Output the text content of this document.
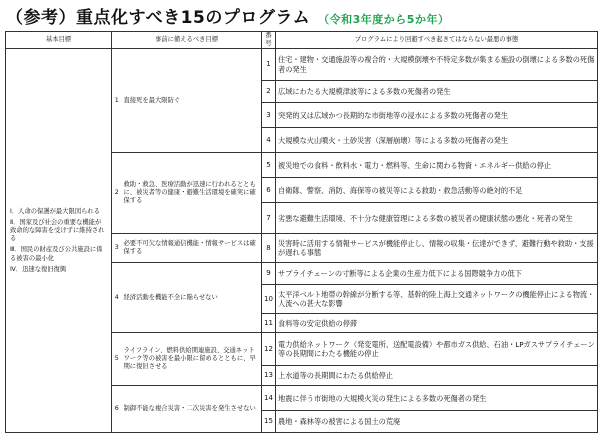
（参考）重点化すべき15のプログラム （令和3年度から5か年）
基本目標	事前に備えるべき目標		番号	プログラムにより回避すべき起きてはならない最悪の事態

Ⅰ．人命の保護が最大限図られる
Ⅱ．国家及び社会の重要な機能が致命的な障害を受けずに維持される
Ⅲ．国民の財産及び公共施設に係る被害の最小化
Ⅳ．迅速な復旧復興	1	直接死を最大限防ぐ	1	住宅・建物・交通施設等の複合的・大規模倒壊や不特定多数が集まる施設の倒壊による多数の死傷者の発生
			2	広域にわたる大規模津波等による多数の死傷者の発生
			3	突発的又は広域かつ長期的な市街地等の浸水による多数の死傷者の発生
			4	大規模な火山噴火・土砂災害（深層崩壊）等による多数の死傷者の発生
	2	救助・救急、医療活動が迅速に行われるとともに、被災者等の健康・避難生活環境を確実に確保する	5	被災地での食料・飲料水・電力・燃料等、生命に関わる物資・エネルギー供給の停止
			6	自衛隊、警察、消防、海保等の被災等による救助・救急活動等の絶対的不足
			7	劣悪な避難生活環境、不十分な健康管理による多数の被災者の健康状態の悪化・死者の発生
	3	必要不可欠な情報通信機能・情報サービスは確保する	8	災害時に活用する情報サービスが機能停止し、情報の収集・伝達ができず、避難行動や救助・支援が遅れる事態
	4	経済活動を機能不全に陥らせない	9	サプライチェーンの寸断等による企業の生産力低下による国際競争力の低下
			10	太平洋ベルト地帯の幹線が分断する等、基幹的陸上海上交通ネットワークの機能停止による物流・人流への甚大な影響
			11	食料等の安定供給の停滞
	5	ライフライン、燃料供給関連施設、交通ネットワーク等の被害を最小限に留めるとともに、早期に復旧させる	12	電力供給ネットワーク（発変電所、送配電設備）や都市ガス供給、石油・LPガスサプライチェーン等の長期間にわたる機能の停止
			13	上水道等の長期間にわたる供給停止
	6	制御不能な複合災害・二次災害を発生させない	14	地震に伴う市街地の大規模火災の発生による多数の死傷者の発生
			15	農地・森林等の被害による国土の荒廃
